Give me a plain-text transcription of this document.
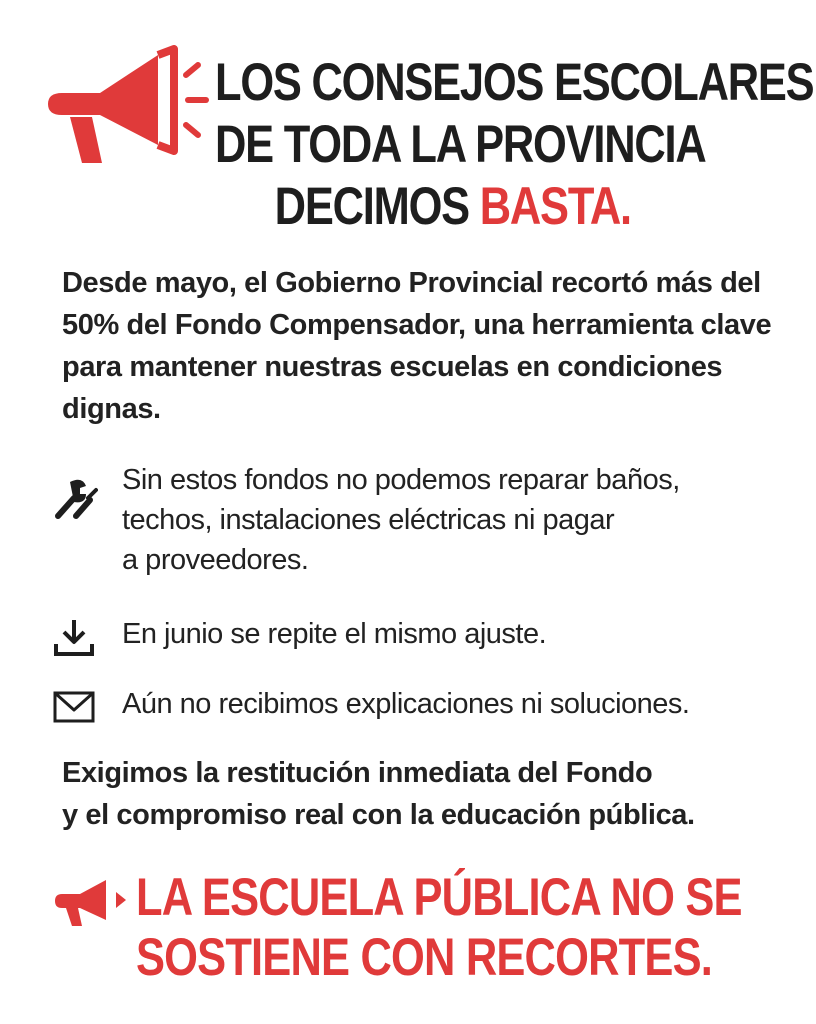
LOS CONSEJOS ESCOLARES
DE TODA LA PROVINCIA
DECIMOS BASTA.

Desde mayo, el Gobierno Provincial recortó más del 50% del Fondo Compensador, una herramienta clave para mantener nuestras escuelas en condiciones dignas.

Sin estos fondos no podemos reparar baños,
techos, instalaciones eléctricas ni pagar
a proveedores.
En junio se repite el mismo ajuste.
Aún no recibimos explicaciones ni soluciones.
Exigimos la restitución inmediata del Fondo
y el compromiso real con la educación pública.
LA ESCUELA PÚBLICA NO SE
SOSTIENE CON RECORTES.
